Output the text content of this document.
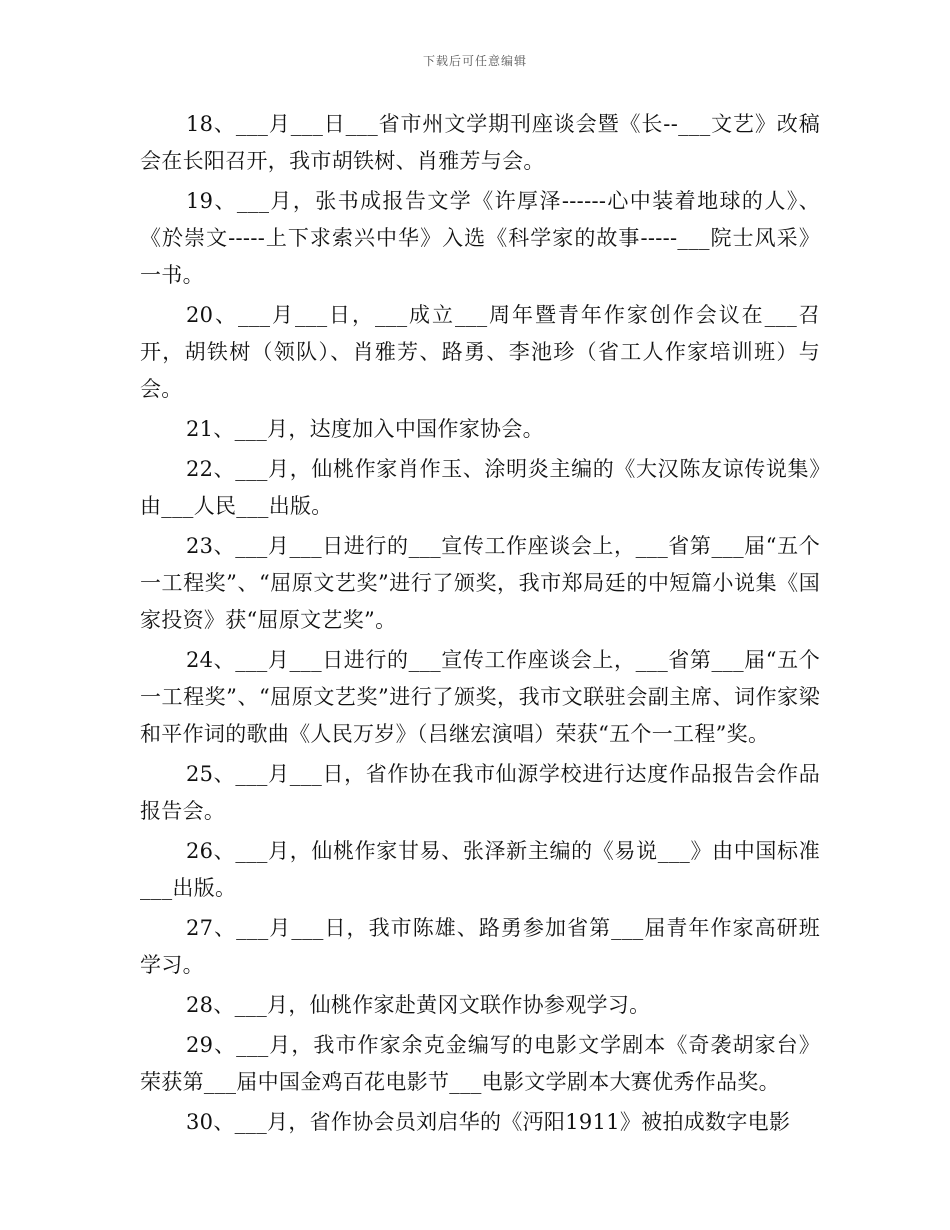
下载后可任意编辑

18、___月___日___省市州文学期刊座谈会暨《长--___文艺》改稿会在长阳召开，我市胡铁树、肖雅芳与会。

19、___月，张书成报告文学《许厚泽------心中装着地球的人》、《於崇文-----上下求索兴中华》入选《科学家的故事-----___院士风采》一书。

20、___月___日，___成立___周年暨青年作家创作会议在___召开，胡铁树（领队）、肖雅芳、路勇、李池珍（省工人作家培训班）与会。

21、___月，达度加入中国作家协会。

22、___月，仙桃作家肖作玉、涂明炎主编的《大汉陈友谅传说集》由___人民___出版。

23、___月___日进行的___宣传工作座谈会上，___省第___届“五个一工程奖”、“屈原文艺奖”进行了颁奖，我市郑局廷的中短篇小说集《国家投资》获“屈原文艺奖”。

24、___月___日进行的___宣传工作座谈会上，___省第___届“五个一工程奖”、“屈原文艺奖”进行了颁奖，我市文联驻会副主席、词作家梁和平作词的歌曲《人民万岁》（吕继宏演唱）荣获“五个一工程”奖。

25、___月___日，省作协在我市仙源学校进行达度作品报告会作品报告会。

26、___月，仙桃作家甘易、张泽新主编的《易说___》由中国标准___出版。

27、___月___日，我市陈雄、路勇参加省第___届青年作家高研班学习。

28、___月，仙桃作家赴黄冈文联作协参观学习。

29、___月，我市作家余克金编写的电影文学剧本《奇袭胡家台》荣获第___届中国金鸡百花电影节___电影文学剧本大赛优秀作品奖。

30、___月，省作协会员刘启华的《沔阳1911》被拍成数字电影
